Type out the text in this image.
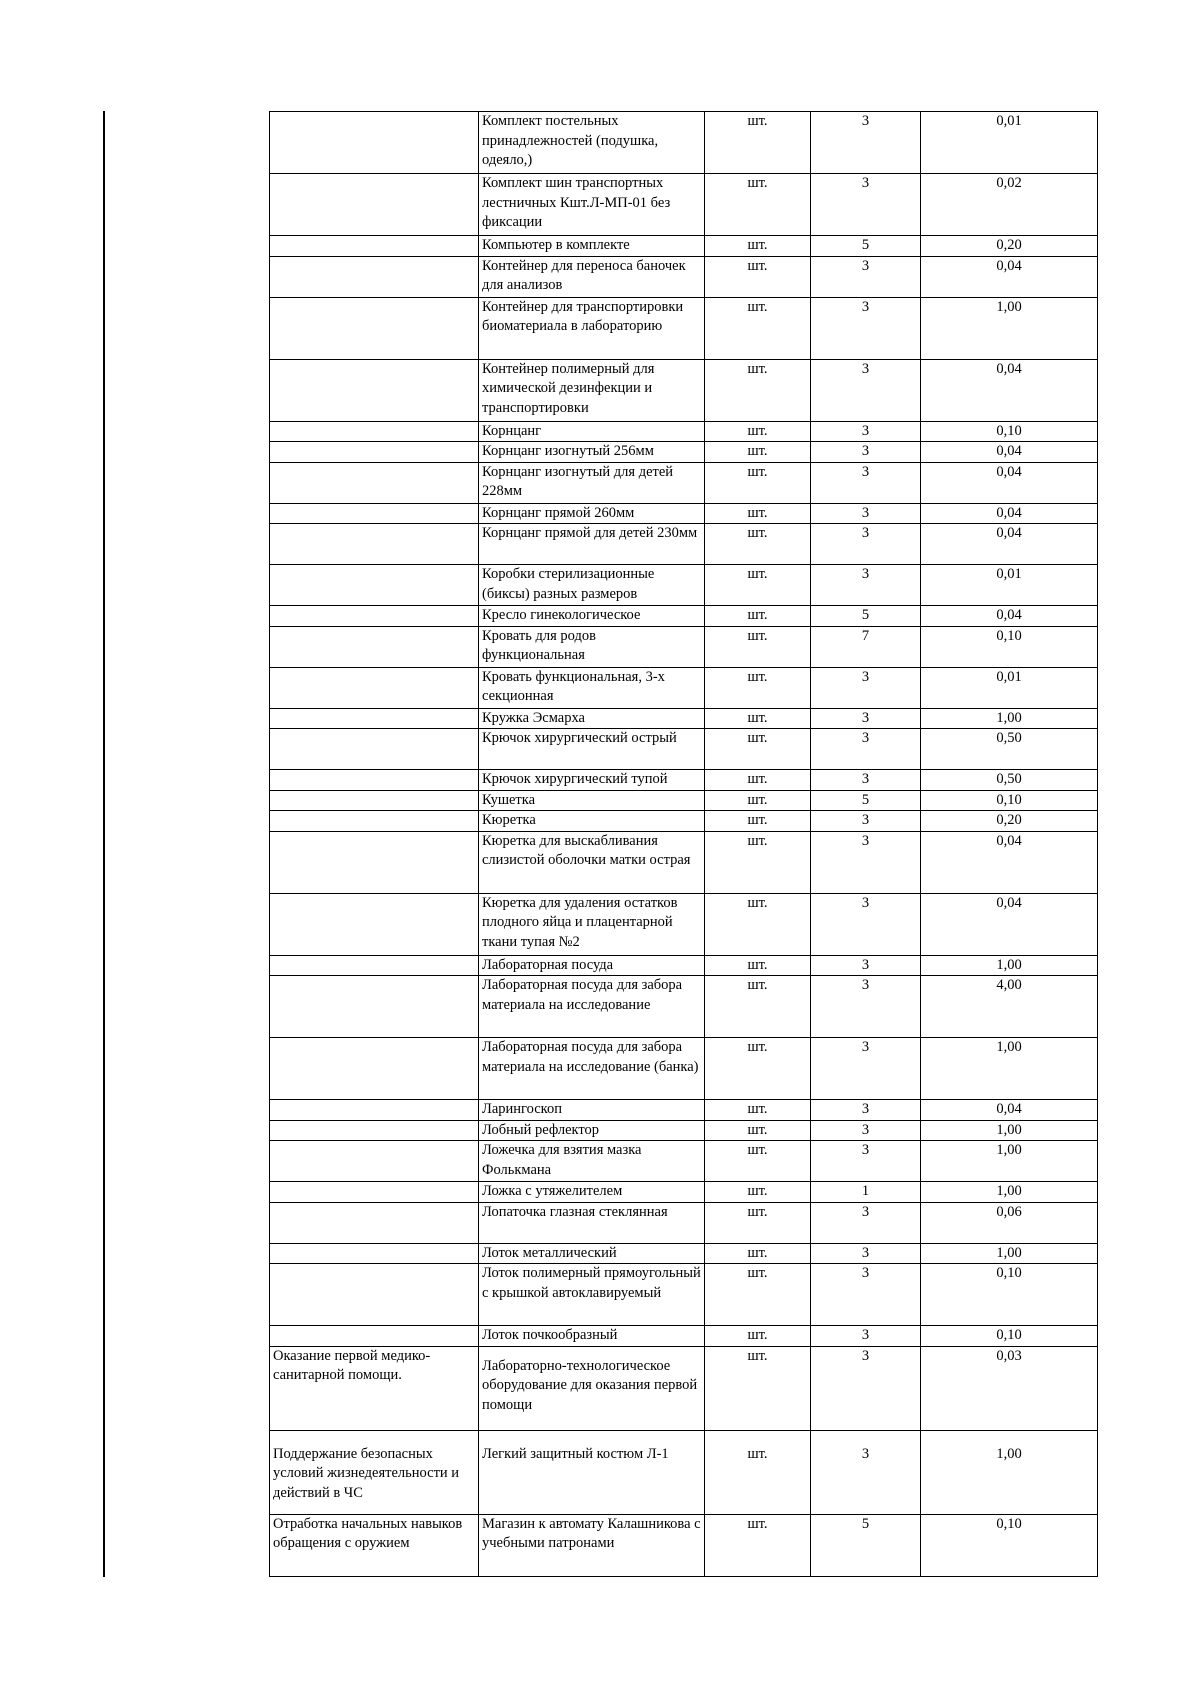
	Комплект постельных принадлежностей (подушка, одеяло,)	шт.	3	0,01
	Комплект шин транспортных лестничных Кшт.Л-МП-01 без фиксации	шт.	3	0,02
	Компьютер в комплекте	шт.	5	0,20
	Контейнер для переноса баночек для анализов	шт.	3	0,04
	Контейнер для транспортировки биоматериала в лабораторию	шт.	3	1,00
	Контейнер полимерный для химической дезинфекции и транспортировки	шт.	3	0,04
	Корнцанг	шт.	3	0,10
	Корнцанг изогнутый 256мм	шт.	3	0,04
	Корнцанг изогнутый для детей 228мм	шт.	3	0,04
	Корнцанг прямой 260мм	шт.	3	0,04
	Корнцанг прямой для детей 230мм	шт.	3	0,04
	Коробки стерилизационные (биксы) разных размеров	шт.	3	0,01
	Кресло гинекологическое	шт.	5	0,04
	Кровать для родов функциональная	шт.	7	0,10
	Кровать функциональная, 3-х секционная	шт.	3	0,01
	Кружка Эсмарха	шт.	3	1,00
	Крючок хирургический острый	шт.	3	0,50
	Крючок хирургический тупой	шт.	3	0,50
	Кушетка	шт.	5	0,10
	Кюретка	шт.	3	0,20
	Кюретка для выскабливания слизистой оболочки матки острая	шт.	3	0,04
	Кюретка для удаления остатков плодного яйца и плацентарной ткани тупая №2	шт.	3	0,04
	Лабораторная посуда	шт.	3	1,00
	Лабораторная посуда для забора материала на исследование	шт.	3	4,00
	Лабораторная посуда для забора материала на исследование (банка)	шт.	3	1,00
	Ларингоскоп	шт.	3	0,04
	Лобный рефлектор	шт.	3	1,00
	Ложечка для взятия мазка Фолькмана	шт.	3	1,00
	Ложка с утяжелителем	шт.	1	1,00
	Лопаточка глазная стеклянная	шт.	3	0,06
	Лоток металлический	шт.	3	1,00
	Лоток полимерный прямоугольный с крышкой автоклавируемый	шт.	3	0,10
	Лоток почкообразный	шт.	3	0,10
Оказание первой медико-санитарной помощи.	Лабораторно-технологическое оборудование для оказания первой помощи	шт.	3	0,03
Поддержание безопасных условий жизнедеятельности и действий в ЧС	Легкий защитный костюм Л-1	шт.	3	1,00
Отработка начальных навыков обращения с оружием	Магазин к автомату Калашникова с учебными патронами	шт.	5	0,10
